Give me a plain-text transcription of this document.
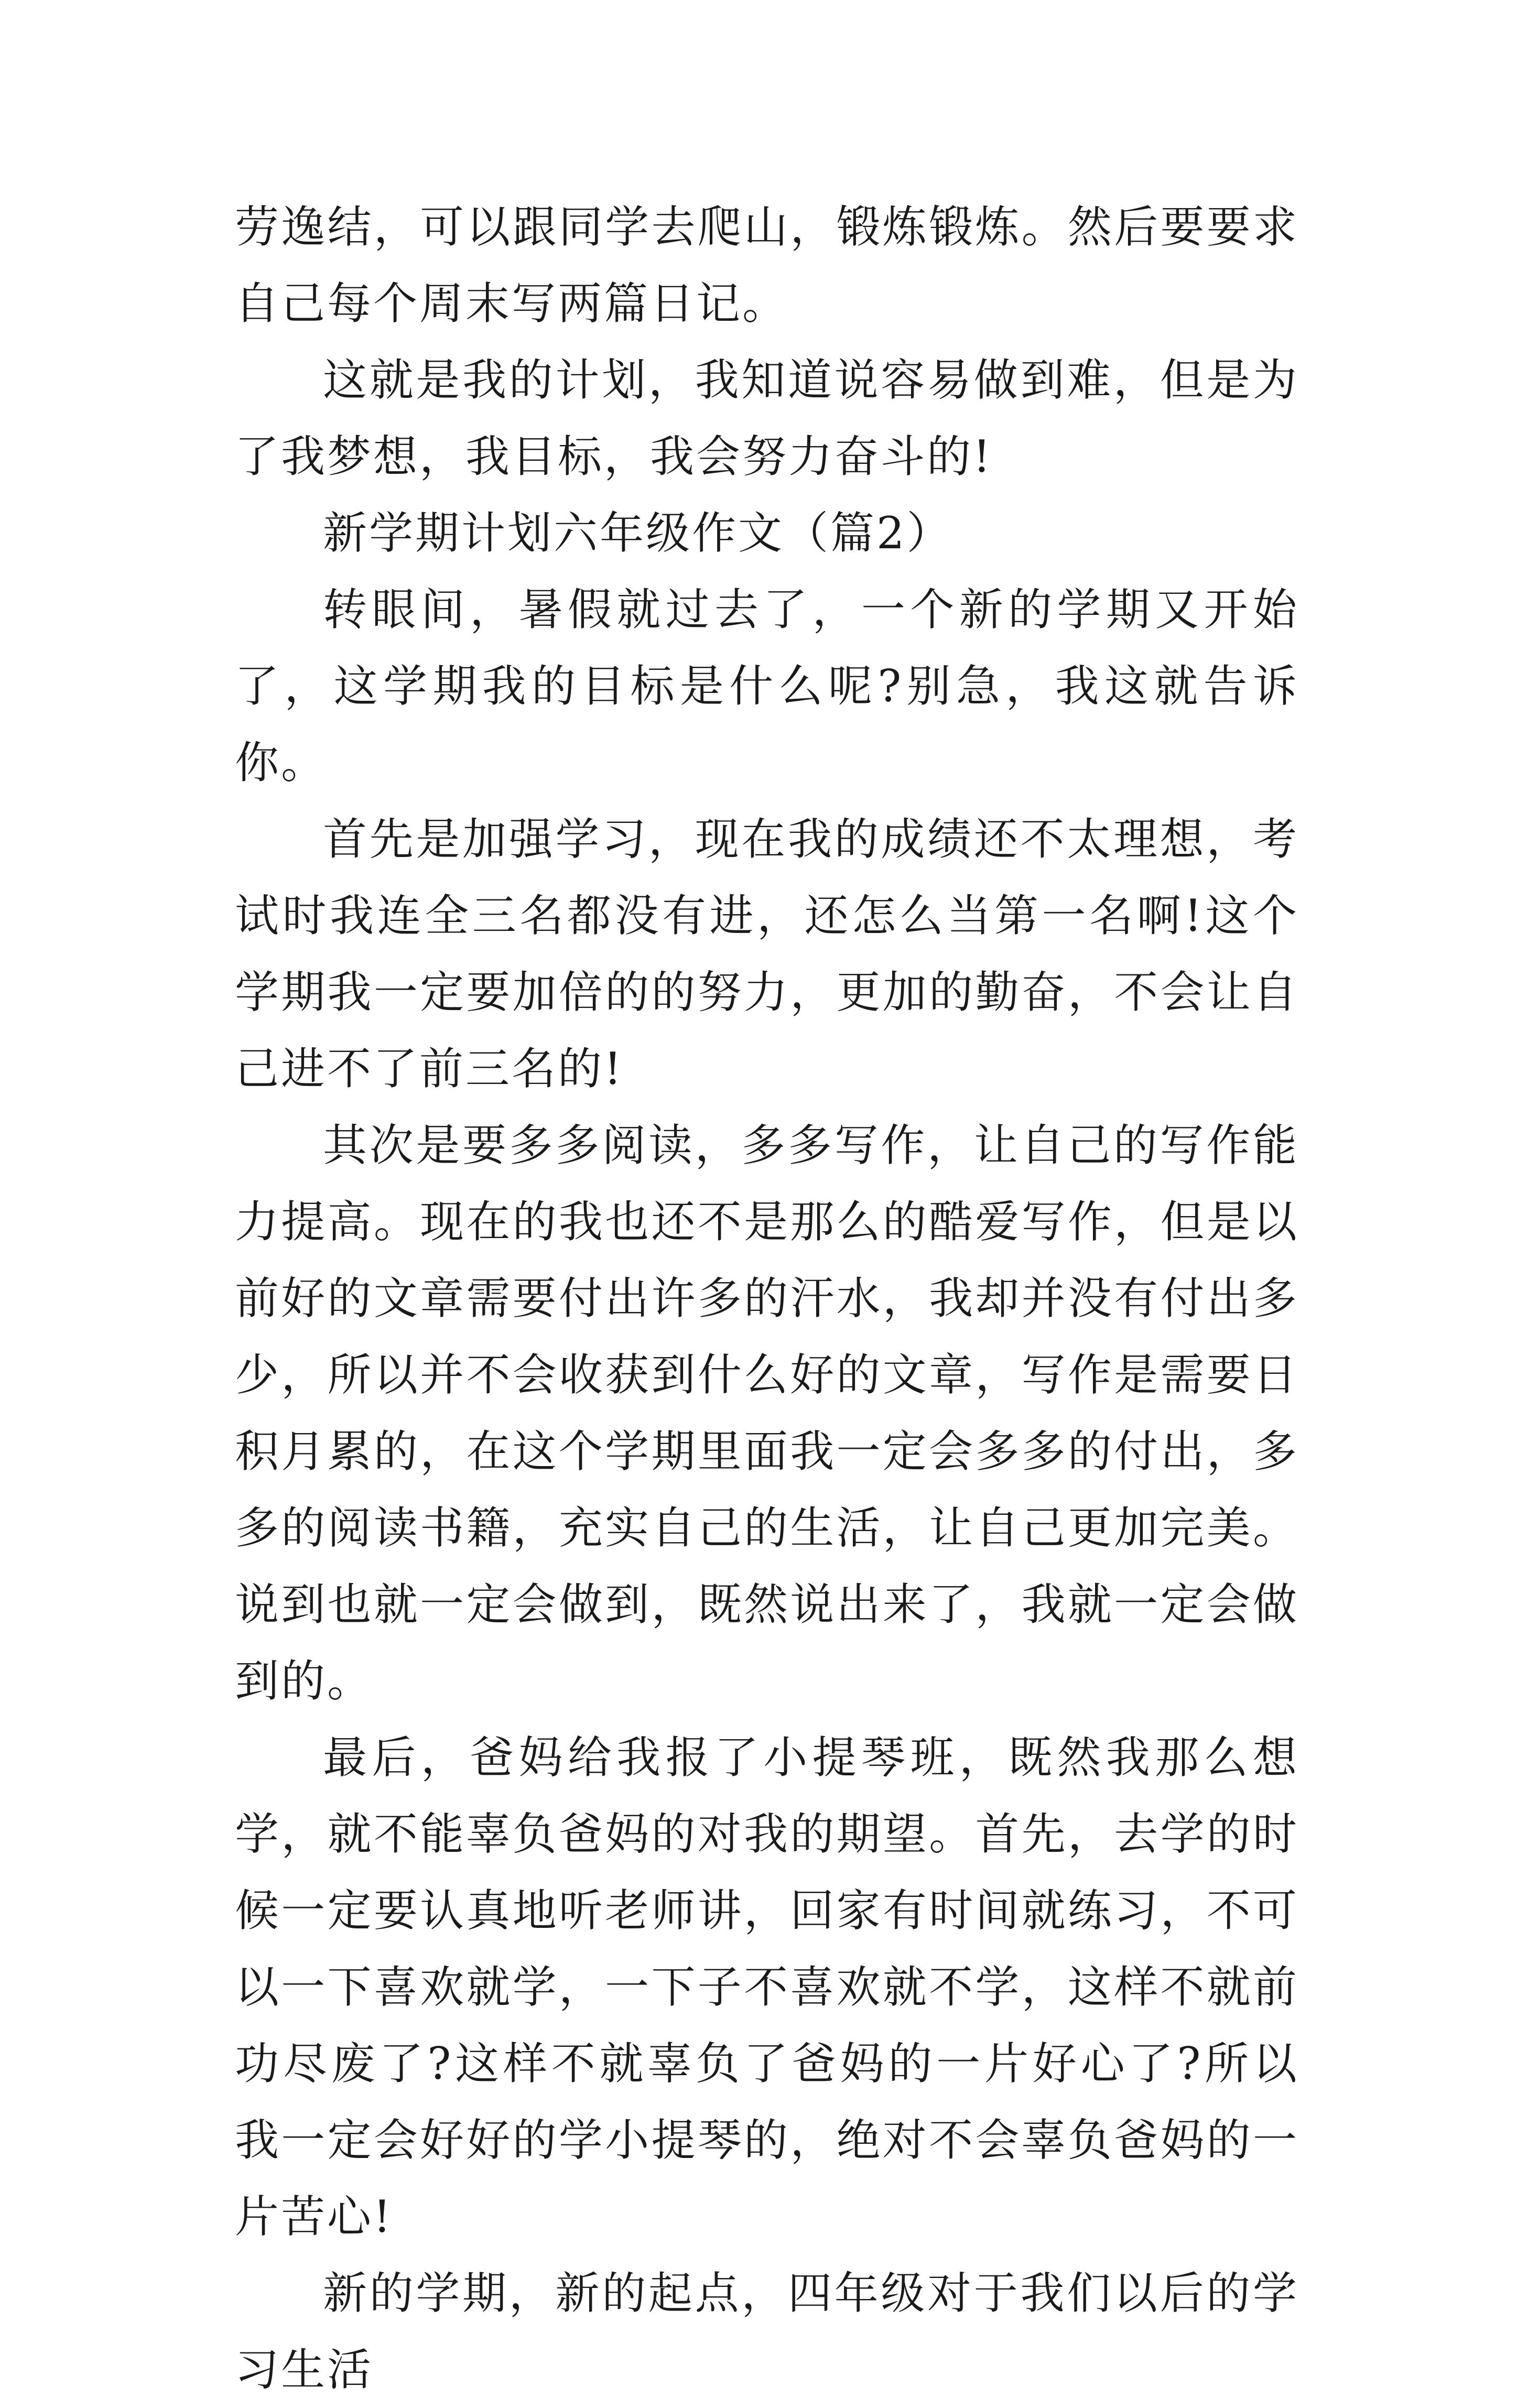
劳逸结，可以跟同学去爬山，锻炼锻炼。然后要要求自己每个周末写两篇日记。

这就是我的计划，我知道说容易做到难，但是为了我梦想，我目标，我会努力奋斗的!

新学期计划六年级作文（篇2）

转眼间，暑假就过去了，一个新的学期又开始了，这学期我的目标是什么呢?别急，我这就告诉你。

首先是加强学习，现在我的成绩还不太理想，考试时我连全三名都没有进，还怎么当第一名啊!这个学期我一定要加倍的的努力，更加的勤奋，不会让自己进不了前三名的!

其次是要多多阅读，多多写作，让自己的写作能力提高。现在的我也还不是那么的酷爱写作，但是以前好的文章需要付出许多的汗水，我却并没有付出多少，所以并不会收获到什么好的文章，写作是需要日积月累的，在这个学期里面我一定会多多的付出，多多的阅读书籍，充实自己的生活，让自己更加完美。说到也就一定会做到，既然说出来了，我就一定会做到的。

最后，爸妈给我报了小提琴班，既然我那么想学，就不能辜负爸妈的对我的期望。首先，去学的时候一定要认真地听老师讲，回家有时间就练习，不可以一下喜欢就学，一下子不喜欢就不学，这样不就前功尽废了?这样不就辜负了爸妈的一片好心了?所以我一定会好好的学小提琴的，绝对不会辜负爸妈的一片苦心!

新的学期，新的起点，四年级对于我们以后的学习生活
